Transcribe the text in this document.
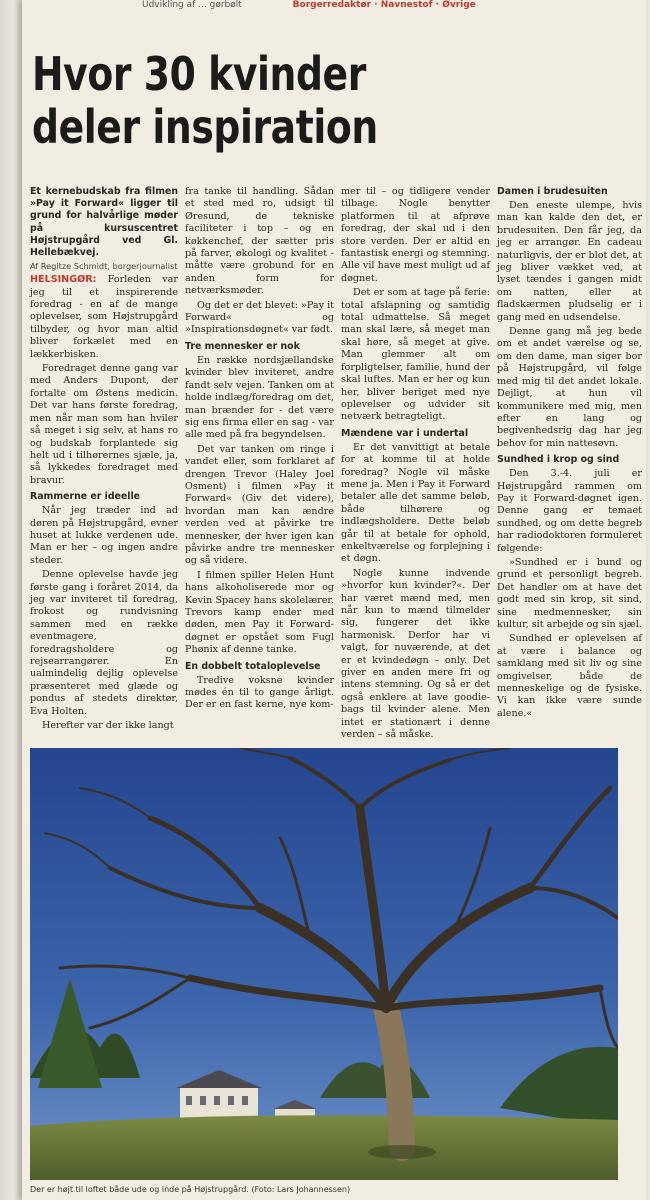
Udvikling af ... gørbølt	Borgerredaktør · Navnestof · Øvrige
Hvor 30 kvinder
deler inspiration

Et kernebudskab fra filmen »Pay it Forward« ligger til grund for halvårlige møder på kursuscentret Højstrupgård ved Gl. Hellebækvej.

Af Regitze Schmidt, borgerjournalist

HELSINGØR: Forleden var jeg til et inspirerende foredrag - en af de mange oplevelser, som Højstrupgård tilbyder, og hvor man altid bliver forkælet med en lækkerbisken.

Foredraget denne gang var med Anders Dupont, der fortalte om Østens medicin. Det var hans første foredrag, men når man som han hviler så meget i sig selv, at hans ro og budskab forplantede sig helt ud i tilhørernes sjæle, ja, så lykkedes foredraget med bravur.

Rammerne er ideelle

Når jeg træder ind ad døren på Højstrupgård, evner huset at lukke verdenen ude. Man er her – og ingen andre steder.

Denne oplevelse havde jeg første gang i foråret 2014, da jeg var inviteret til foredrag, frokost og rundvisning sammen med en række eventmagere, foredragsholdere og rejsearrangører. En ualmindelig dejlig oplevelse præsenteret med glæde og pondus af stedets direktør, Eva Holten.

Herefter var der ikke langt

fra tanke til handling. Sådan et sted med ro, udsigt til Øresund, de tekniske faciliteter i top – og en køkkenchef, der sætter pris på farver, økologi og kvalitet - måtte være grobund for en anden form for netværksmøder.

Og det er det blevet: »Pay it Forward« og »Inspirationsdøgnet« var født.

Tre mennesker er nok

En række nordsjællandske kvinder blev inviteret, andre fandt selv vejen. Tanken om at holde indlæg/foredrag om det, man brænder for - det være sig ens firma eller en sag - var alle med på fra begyndelsen.

Det var tanken om ringe i vandet eller, som forklaret af drengen Trevor (Haley Joel Osment) i filmen »Pay it Forward« (Giv det videre), hvordan man kan ændre verden ved at påvirke tre mennesker, der hver igen kan påvirke andre tre mennesker og så videre.

I filmen spiller Helen Hunt hans alkoholiserede mor og Kevin Spacey hans skolelærer. Trevors kamp ender med døden, men Pay it Forward-døgnet er opstået som Fugl Phønix af denne tanke.

En dobbelt totaloplevelse

Tredive voksne kvinder mødes én til to gange årligt. Der er en fast kerne, nye kom-

mer til – og tidligere vender tilbage. Nogle benytter platformen til at afprøve foredrag, der skal ud i den store verden. Der er altid en fantastisk energi og stemning. Alle vil have mest muligt ud af døgnet.

Det er som at tage på ferie: total afslapning og samtidig total udmattelse. Så meget man skal lære, så meget man skal høre, så meget at give. Man glemmer alt om forpligtelser, familie, hund der skal luftes. Man er her og kun her, bliver beriget med nye oplevelser og udvider sit netværk betragteligt.

Mændene var i undertal

Er det vanvittigt at betale for at komme til at holde foredrag? Nogle vil måske mene ja. Men i Pay it Forward betaler alle det samme beløb, både tilhørere og indlægsholdere. Dette beløb går til at betale for ophold, enkeltværelse og forplejning i et døgn.

Nogle kunne indvende »hvorfor kun kvinder?«. Der har været mænd med, men når kun to mænd tilmelder sig, fungerer det ikke harmonisk. Derfor har vi valgt, for nuværende, at det er et kvindedøgn – only. Det giver en anden mere fri og intens stemning. Og så er det også enklere at lave goodie-bags til kvinder alene. Men intet er stationært i denne verden – så måske.

Damen i brudesuiten

Den eneste ulempe, hvis man kan kalde den det, er brudesuiten. Den får jeg, da jeg er arrangør. En cadeau naturligvis, der er blot det, at jeg bliver vækket ved, at lyset tændes i gangen midt om natten, eller at fladskærmen pludselig er i gang med en udsendelse.

Denne gang må jeg bede om et andet værelse og se, om den dame, man siger bor på Højstrupgård, vil følge med mig til det andet lokale. Dejligt, at hun vil kommunikere med mig, men efter en lang og begivenhedsrig dag har jeg behov for min nattesøvn.

Sundhed i krop og sind

Den 3.-4. juli er Højstrupgård rammen om Pay it Forward-døgnet igen. Denne gang er temaet sundhed, og om dette begreb har radiodoktoren formuleret følgende:

»Sundhed er i bund og grund et personligt begreb. Det handler om at have det godt med sin krop, sit sind, sine medmennesker, sin kultur, sit arbejde og sin sjæl.

Sundhed er oplevelsen af at være i balance og samklang med sit liv og sine omgivelser, både de menneskelige og de fysiske. Vi kan ikke være sunde alene.«

Der er højt til loftet både ude og inde på Højstrupgård. (Foto: Lars Johannessen)
